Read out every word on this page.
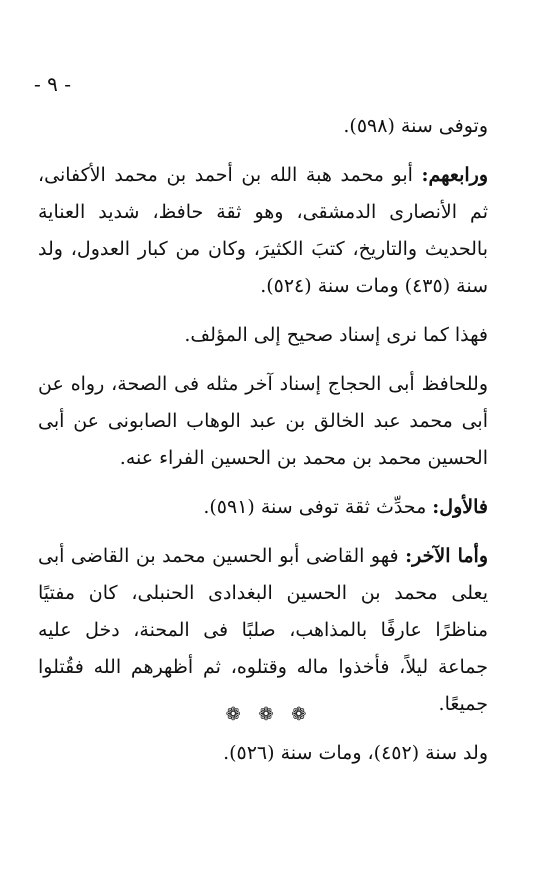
- ٩ -

وتوفى سنة (٥٩٨).

ورابعهم: أبو محمد هبة الله بن أحمد بن محمد الأكفانى، ثم الأنصارى الدمشقى، وهو ثقة حافظ، شديد العناية بالحديث والتاريخ، كتبَ الكثيرَ، وكان من كبار العدول، ولد سنة (٤٣٥) ومات سنة (٥٢٤).

فهذا كما نرى إسناد صحيح إلى المؤلف.

وللحافظ أبى الحجاج إسناد آخر مثله فى الصحة، رواه عن أبى محمد عبد الخالق بن عبد الوهاب الصابونى عن أبى الحسين محمد بن محمد بن الحسين الفراء عنه.

فالأول: محدِّث ثقة توفى سنة (٥٩١).

وأما الآخر: فهو القاضى أبو الحسين محمد بن القاضى أبى يعلى محمد بن الحسين البغدادى الحنبلى، كان مفتيًا مناظرًا عارفًا بالمذاهب، صلبًا فى المحنة، دخل عليه جماعة ليلاً، فأخذوا ماله وقتلوه، ثم أظهرهم الله فقُتلوا جميعًا.

ولد سنة (٤٥٢)، ومات سنة (٥٢٦).

❁ ❁ ❁
